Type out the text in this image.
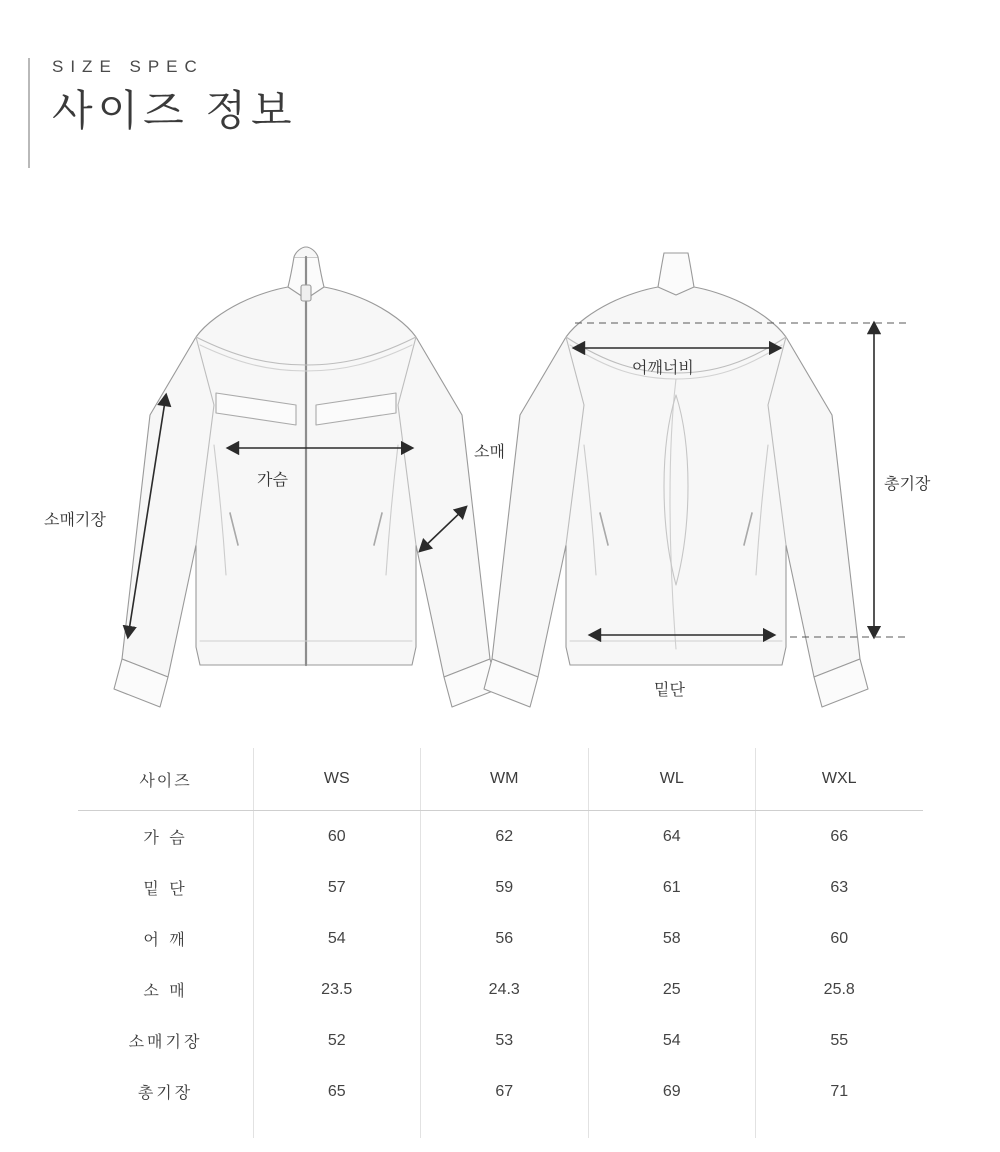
SIZE SPEC

사이즈 정보
소매기장
가슴
소매
어깨너비
총기장
밑단
사이즈	WS	WM	WL	WXL
가 슴	60	62	64	66
밑 단	57	59	61	63
어 깨	54	56	58	60
소 매	23.5	24.3	25	25.8
소매기장	52	53	54	55
총기장	65	67	69	71
